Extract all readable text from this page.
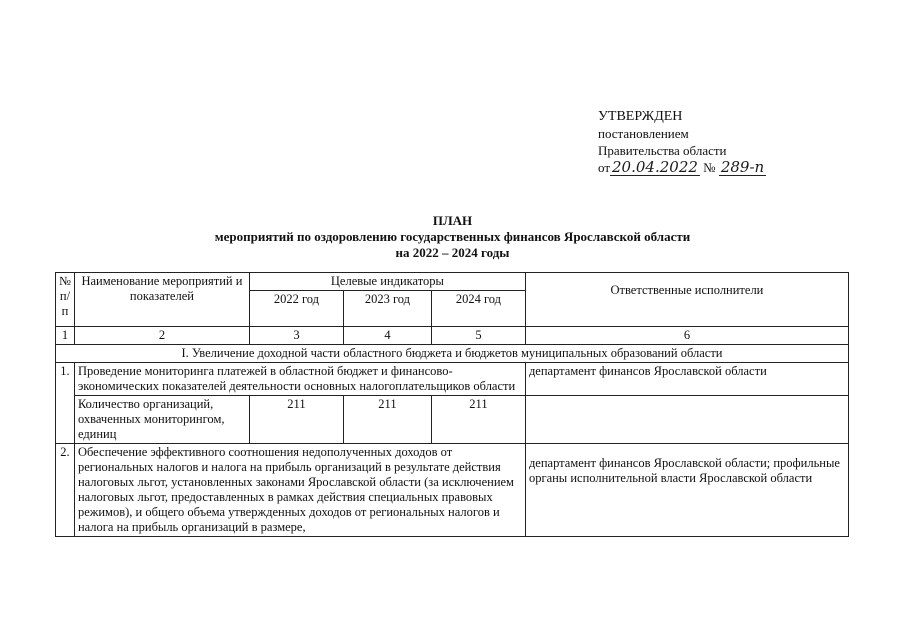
УТВЕРЖДЕН
постановлением
Правительства области
от 20.04.2022 № 289-п
ПЛАН
мероприятий по оздоровлению государственных финансов Ярославской области
на 2022 – 2024 годы
№ п/п	Наименование мероприятий и показателей	Целевые индикаторы			Ответственные исполнители
		2022 год	2023 год	2024 год	
1	2	3	4	5	6
I. Увеличение доходной части областного бюджета и бюджетов муниципальных образований области					
1.	Проведение мониторинга платежей в областной бюджет и финансово-экономических показателей деятельности основных налогоплательщиков области				департамент финансов Ярославской области
	Количество организаций, охваченных мониторингом, единиц	211	211	211	
2.	Обеспечение эффективного соотношения недополученных доходов от региональных налогов и налога на прибыль организаций в результате действия налоговых льгот, установленных законами Ярославской области (за исключением налоговых льгот, предоставленных в рамках действия специальных правовых режимов), и общего объема утвержденных доходов от региональных налогов и налога на прибыль организаций в размере,				департамент финансов Ярославской области; профильные органы исполнительной власти Ярославской области
